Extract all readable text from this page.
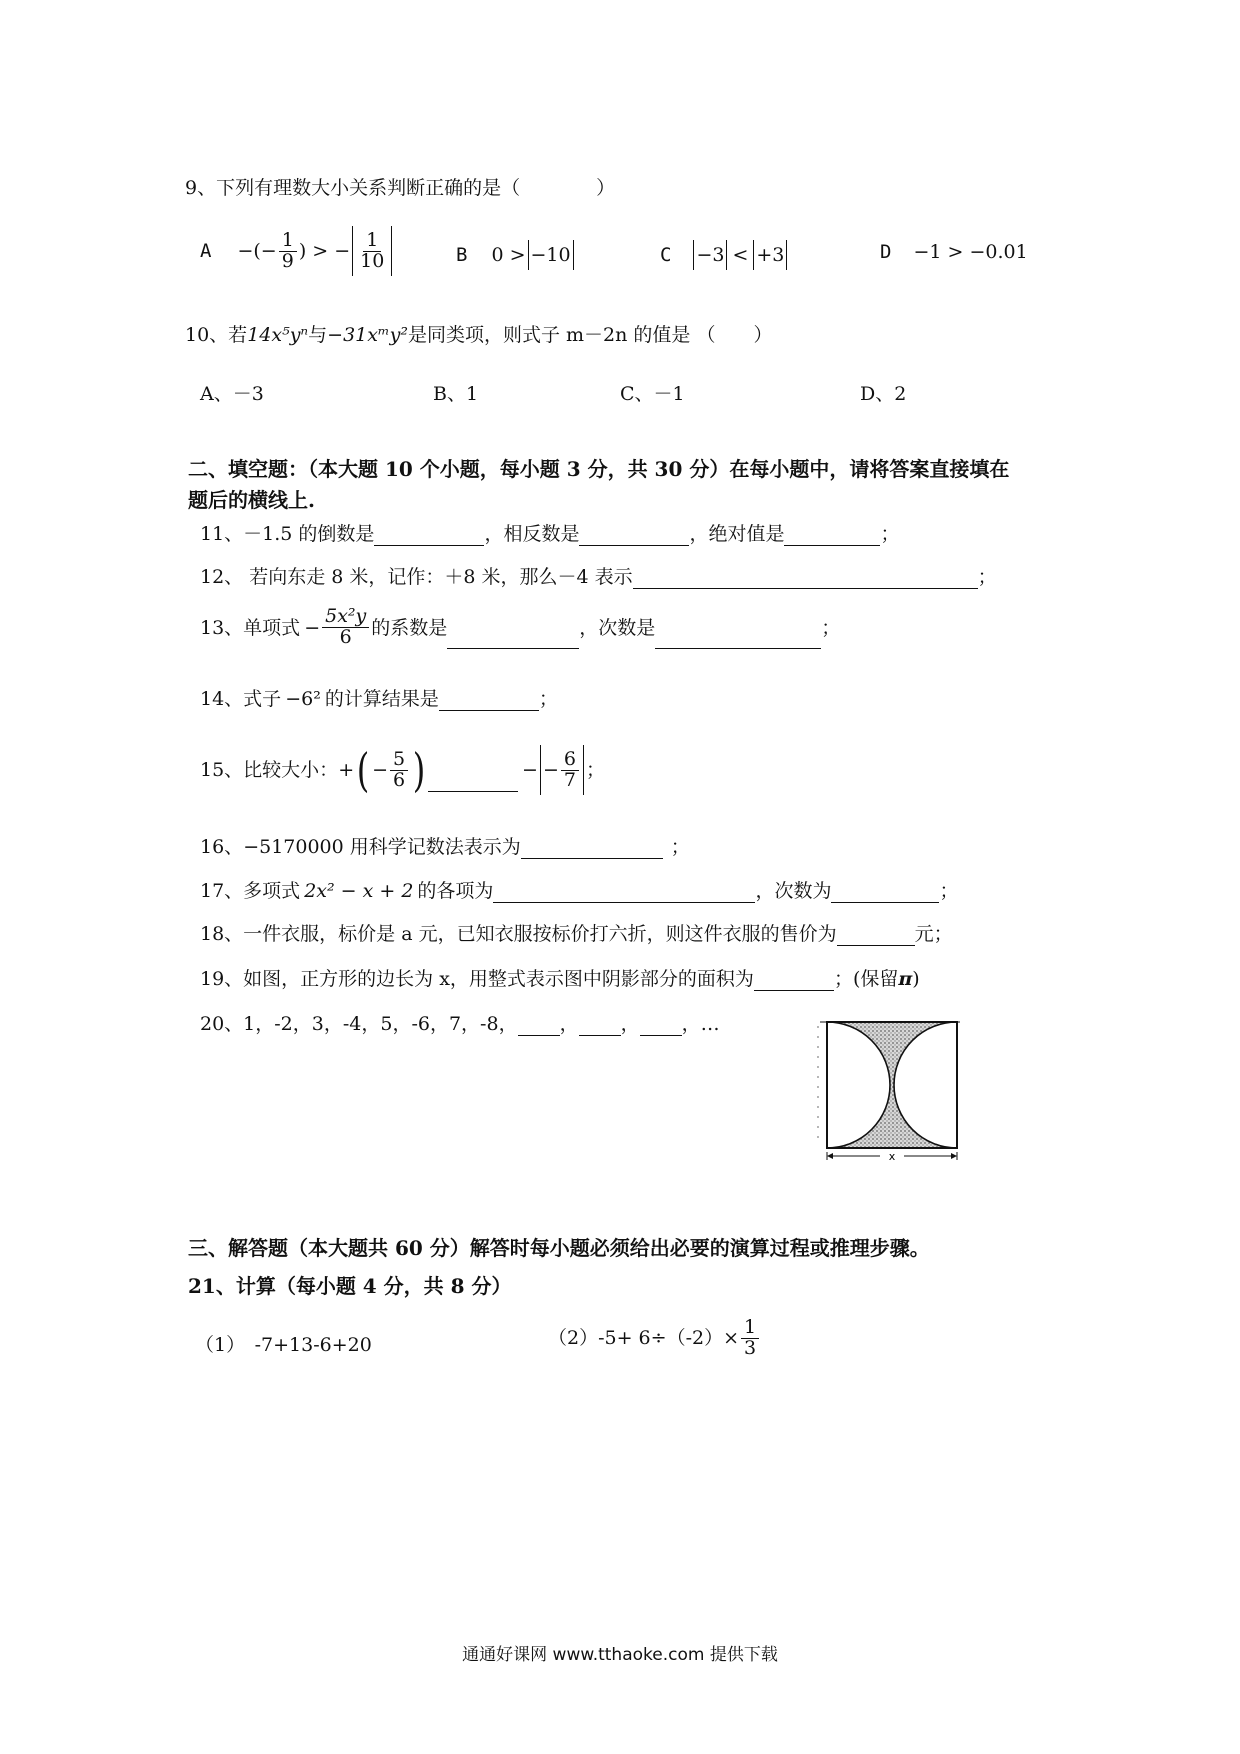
9、下列有理数大小关系判断正确的是（　　　　）
A −(− $\frac{1}{9}$ ) > − $\frac{1}{10}$	B 0 > −10	C −3 < +3	D −1 > −0.01
10、若14x⁵yⁿ与−31xᵐy²是同类项，则式子 m－2n 的值是 （　　）
A、－3	B、1	C、－1	D、2
二、填空题：（本大题 10 个小题，每小题 3 分，共 30 分）在每小题中，请将答案直接填在
题后的横线上.
11、－1.5 的倒数是	，相反数是	，绝对值是	；
12、 若向东走 8 米，记作：＋8 米，那么－4 表示	；
13、单项式 − $\frac{\text{5x²y}}{6}$ 的系数是	，次数是	；
14、式子 −6² 的计算结果是	；
15、比较大小： + ( − $\frac{5}{6}$ )	− − $\frac{6}{7}$ ；
16、−5170000 用科学记数法表示为	；
17、多项式 2x² − x + 2 的各项为	，次数为	；
18、一件衣服，标价是 a 元，已知衣服按标价打六折，则这件衣服的售价为	元；
19、如图，正方形的边长为 x，用整式表示图中阴影部分的面积为	；(保留π)
20、1，-2，3，-4，5，-6，7，-8， ， ， ，…
x
三、解答题（本大题共 60 分）解答时每小题必须给出必要的演算过程或推理步骤。
21、计算（每小题 4 分，共 8 分）
（1）　-7+13-6+20	$(2)-5+ 6\div(-2)\times \frac{1}{3}$
通通好课网 www.tthaoke.com 提供下载
